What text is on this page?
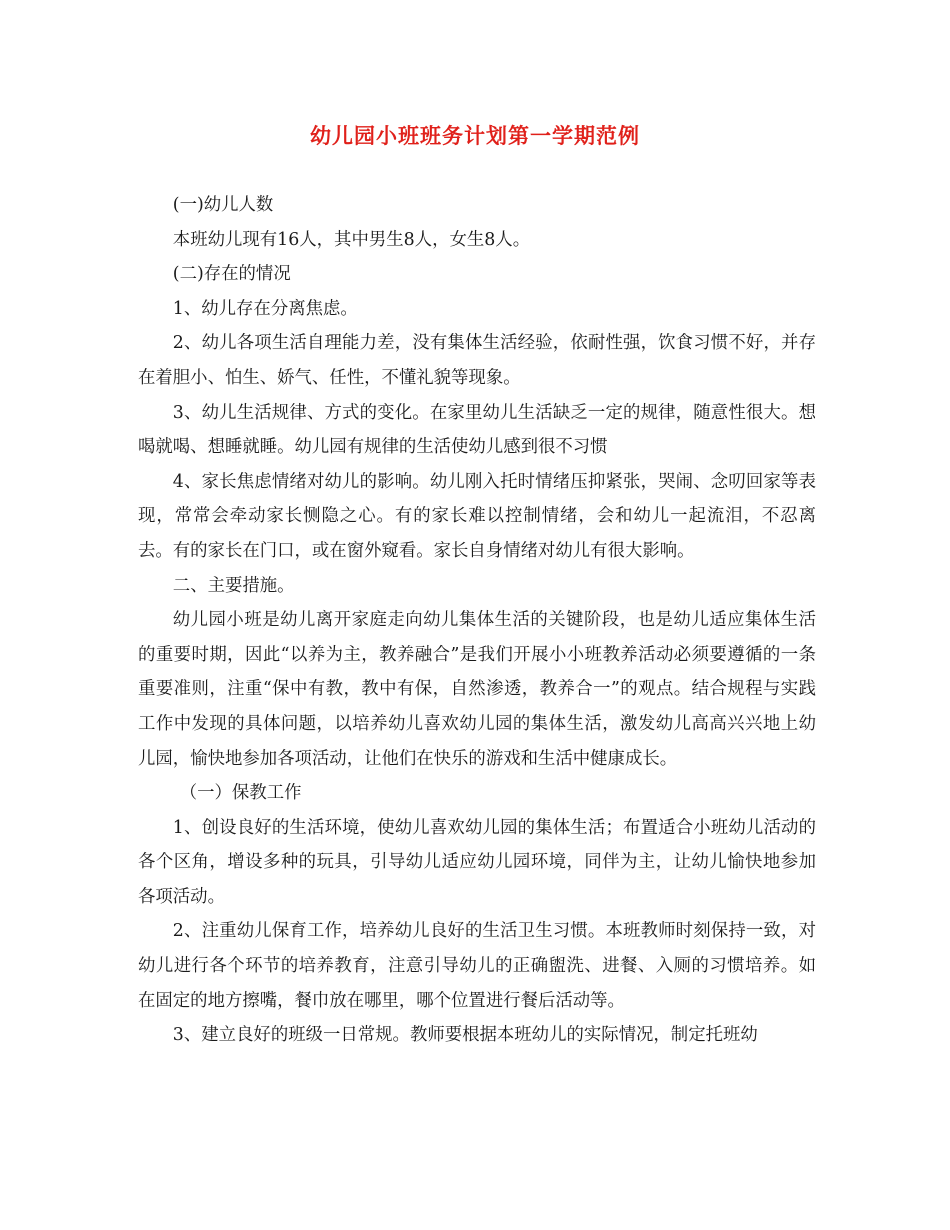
幼儿园小班班务计划第一学期范例

(一)幼儿人数

本班幼儿现有16人，其中男生8人，女生8人。

(二)存在的情况

1、幼儿存在分离焦虑。

2、幼儿各项生活自理能力差，没有集体生活经验，依耐性强，饮食习惯不好，并存在着胆小、怕生、娇气、任性，不懂礼貌等现象。

3、幼儿生活规律、方式的变化。在家里幼儿生活缺乏一定的规律，随意性很大。想喝就喝、想睡就睡。幼儿园有规律的生活使幼儿感到很不习惯

4、家长焦虑情绪对幼儿的影响。幼儿刚入托时情绪压抑紧张，哭闹、念叨回家等表现，常常会牵动家长恻隐之心。有的家长难以控制情绪，会和幼儿一起流泪，不忍离去。有的家长在门口，或在窗外窥看。家长自身情绪对幼儿有很大影响。

二、主要措施。

幼儿园小班是幼儿离开家庭走向幼儿集体生活的关键阶段，也是幼儿适应集体生活的重要时期，因此“以养为主，教养融合”是我们开展小小班教养活动必须要遵循的一条重要准则，注重“保中有教，教中有保，自然渗透，教养合一”的观点。结合规程与实践工作中发现的具体问题，以培养幼儿喜欢幼儿园的集体生活，激发幼儿高高兴兴地上幼儿园，愉快地参加各项活动，让他们在快乐的游戏和生活中健康成长。

（一）保教工作

1、创设良好的生活环境，使幼儿喜欢幼儿园的集体生活；布置适合小班幼儿活动的各个区角，增设多种的玩具，引导幼儿适应幼儿园环境，同伴为主，让幼儿愉快地参加各项活动。

2、注重幼儿保育工作，培养幼儿良好的生活卫生习惯。本班教师时刻保持一致，对幼儿进行各个环节的培养教育，注意引导幼儿的正确盥洗、进餐、入厕的习惯培养。如在固定的地方擦嘴，餐巾放在哪里，哪个位置进行餐后活动等。

3、建立良好的班级一日常规。教师要根据本班幼儿的实际情况，制定托班幼
